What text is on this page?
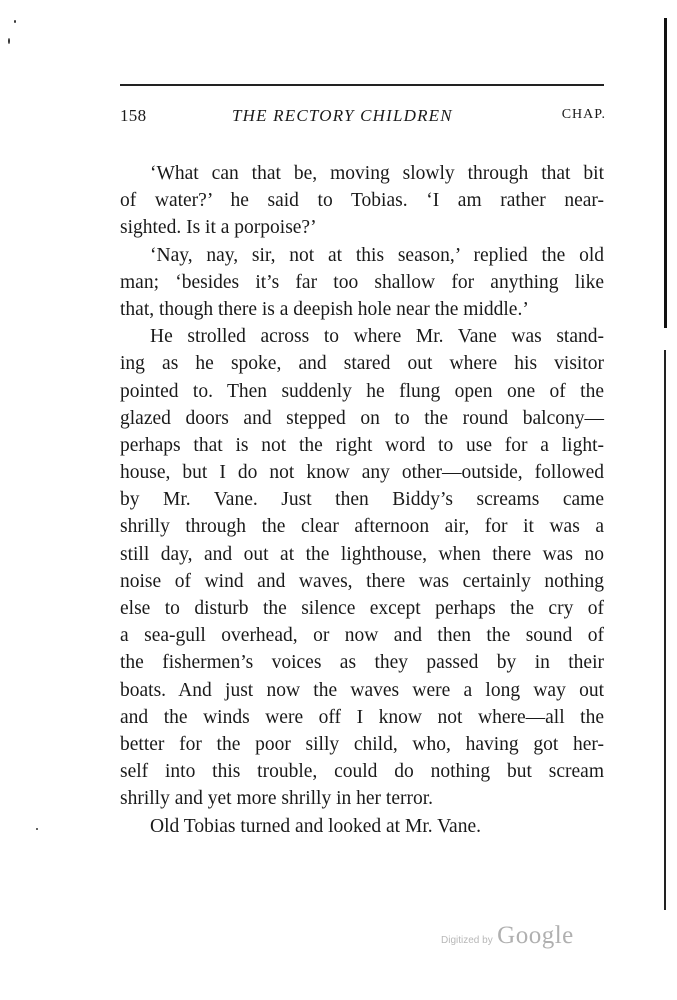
158	THE RECTORY CHILDREN	CHAP.
‘What can that be, moving slowly through that bit
of water?’ he said to Tobias. ‘I am rather near-
sighted. Is it a porpoise?’
‘Nay, nay, sir, not at this season,’ replied the old
man; ‘besides it’s far too shallow for anything like
that, though there is a deepish hole near the middle.’
He strolled across to where Mr. Vane was stand-
ing as he spoke, and stared out where his visitor
pointed to. Then suddenly he flung open one of the
glazed doors and stepped on to the round balcony—
perhaps that is not the right word to use for a light-
house, but I do not know any other—outside, followed
by Mr. Vane. Just then Biddy’s screams came
shrilly through the clear afternoon air, for it was a
still day, and out at the lighthouse, when there was no
noise of wind and waves, there was certainly nothing
else to disturb the silence except perhaps the cry of
a sea-gull overhead, or now and then the sound of
the fishermen’s voices as they passed by in their
boats. And just now the waves were a long way out
and the winds were off I know not where—all the
better for the poor silly child, who, having got her-
self into this trouble, could do nothing but scream
shrilly and yet more shrilly in her terror.
Old Tobias turned and looked at Mr. Vane.
Digitized by Google
